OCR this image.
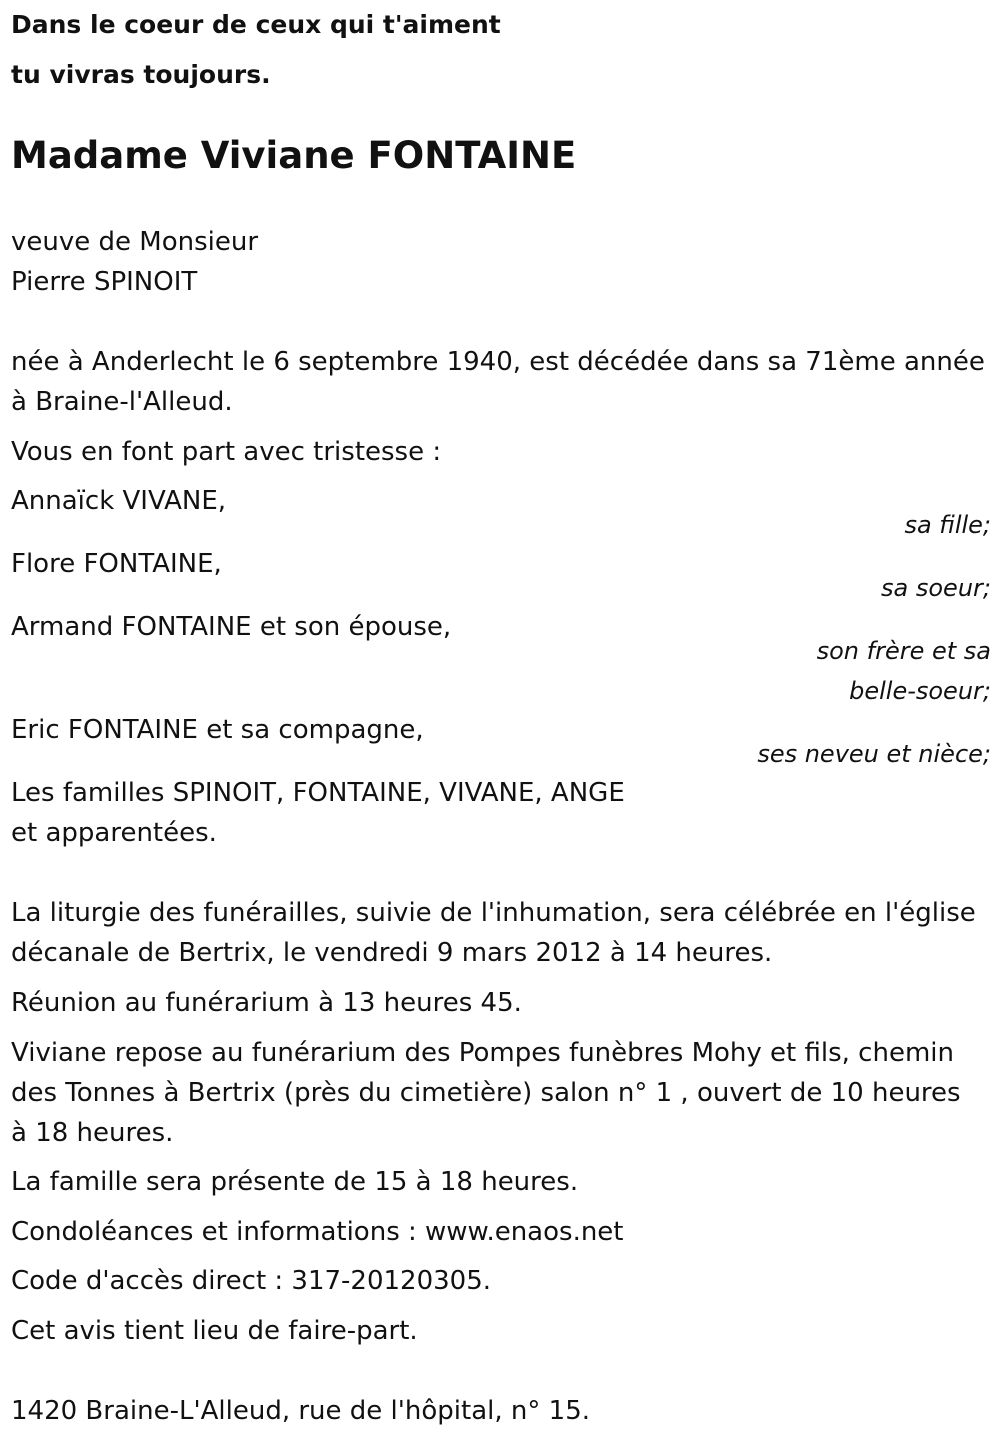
Dans le coeur de ceux qui t'aiment
tu vivras toujours.
Madame Viviane FONTAINE
veuve de Monsieur
Pierre SPINOIT
née à Anderlecht le 6 septembre 1940, est décédée dans sa 71ème année
à Braine-l'Alleud.
Vous en font part avec tristesse :
Annaïck VIVANE,
sa fille;
Flore FONTAINE,
sa soeur;
Armand FONTAINE et son épouse,
son frère et sa
belle-soeur;
Eric FONTAINE et sa compagne,
ses neveu et nièce;
Les familles SPINOIT, FONTAINE, VIVANE, ANGE
et apparentées.
La liturgie des funérailles, suivie de l'inhumation, sera célébrée en l'église
décanale de Bertrix, le vendredi 9 mars 2012 à 14 heures.
Réunion au funérarium à 13 heures 45.
Viviane repose au funérarium des Pompes funèbres Mohy et fils, chemin
des Tonnes à Bertrix (près du cimetière) salon n° 1 , ouvert de 10 heures
à 18 heures.
La famille sera présente de 15 à 18 heures.
Condoléances et informations : www.enaos.net
Code d'accès direct : 317-20120305.
Cet avis tient lieu de faire-part.
1420 Braine-L'Alleud, rue de l'hôpital, n° 15.
